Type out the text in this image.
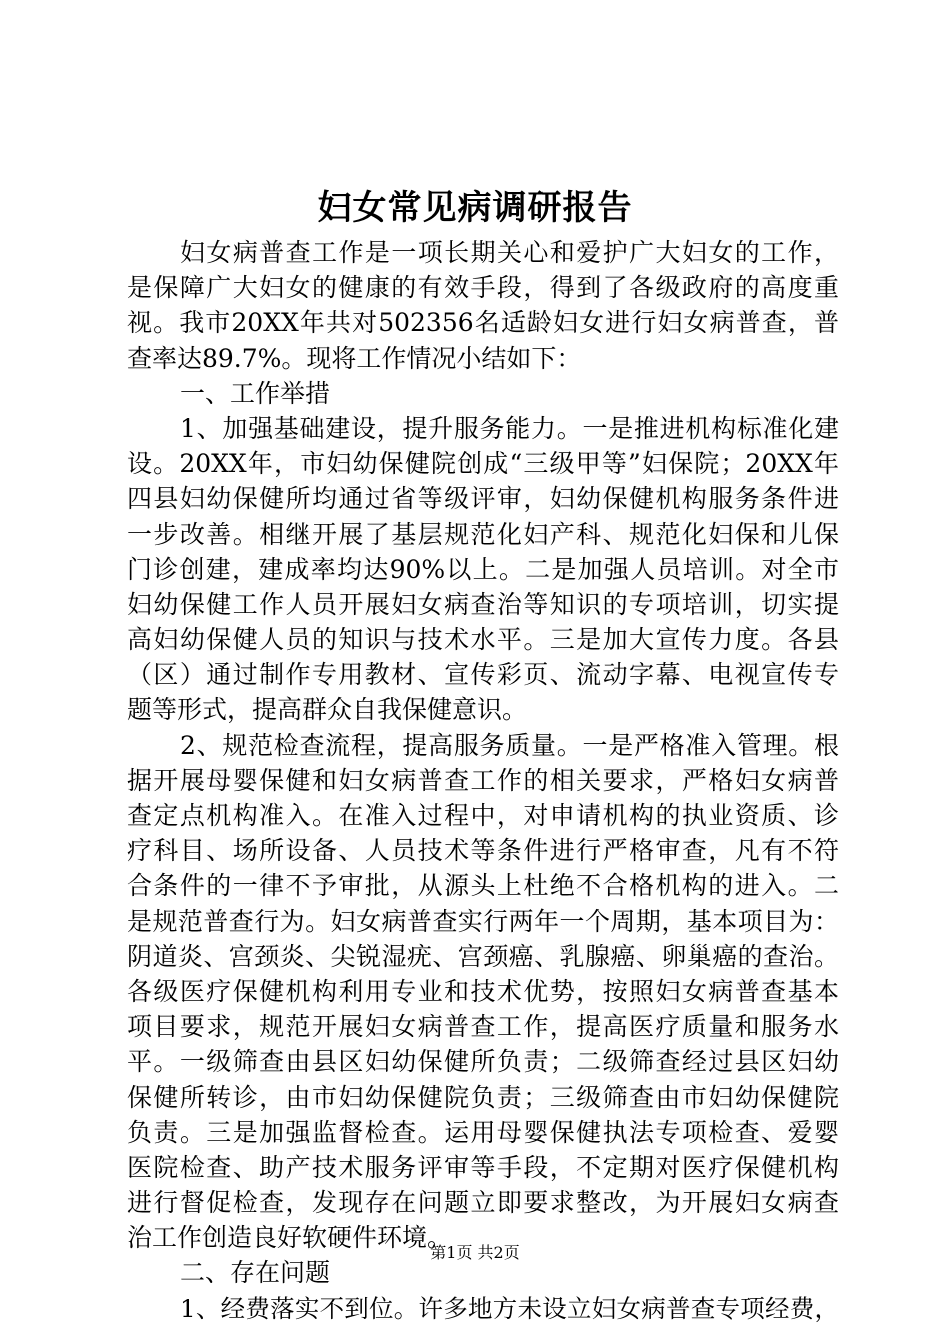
妇女常见病调研报告
妇女病普查工作是一项长期关心和爱护广大妇女的工作，
是保障广大妇女的健康的有效手段，得到了各级政府的高度重
视。我市20XX年共对502356名适龄妇女进行妇女病普查，普
查率达89.7%。现将工作情况小结如下：
一、工作举措
1、加强基础建设，提升服务能力。一是推进机构标准化建
设。20XX年，市妇幼保健院创成“三级甲等”妇保院；20XX年
四县妇幼保健所均通过省等级评审，妇幼保健机构服务条件进
一步改善。相继开展了基层规范化妇产科、规范化妇保和儿保
门诊创建，建成率均达90%以上。二是加强人员培训。对全市
妇幼保健工作人员开展妇女病查治等知识的专项培训，切实提
高妇幼保健人员的知识与技术水平。三是加大宣传力度。各县
（区）通过制作专用教材、宣传彩页、流动字幕、电视宣传专
题等形式，提高群众自我保健意识。
2、规范检查流程，提高服务质量。一是严格准入管理。根
据开展母婴保健和妇女病普查工作的相关要求，严格妇女病普
查定点机构准入。在准入过程中，对申请机构的执业资质、诊
疗科目、场所设备、人员技术等条件进行严格审查，凡有不符
合条件的一律不予审批，从源头上杜绝不合格机构的进入。二
是规范普查行为。妇女病普查实行两年一个周期，基本项目为：
阴道炎、宫颈炎、尖锐湿疣、宫颈癌、乳腺癌、卵巢癌的查治。
各级医疗保健机构利用专业和技术优势，按照妇女病普查基本
项目要求，规范开展妇女病普查工作，提高医疗质量和服务水
平。一级筛查由县区妇幼保健所负责；二级筛查经过县区妇幼
保健所转诊，由市妇幼保健院负责；三级筛查由市妇幼保健院
负责。三是加强监督检查。运用母婴保健执法专项检查、爱婴
医院检查、助产技术服务评审等手段，不定期对医疗保健机构
进行督促检查，发现存在问题立即要求整改，为开展妇女病查
治工作创造良好软硬件环境。
二、存在问题
1、经费落实不到位。许多地方未设立妇女病普查专项经费，
第1页 共2页
